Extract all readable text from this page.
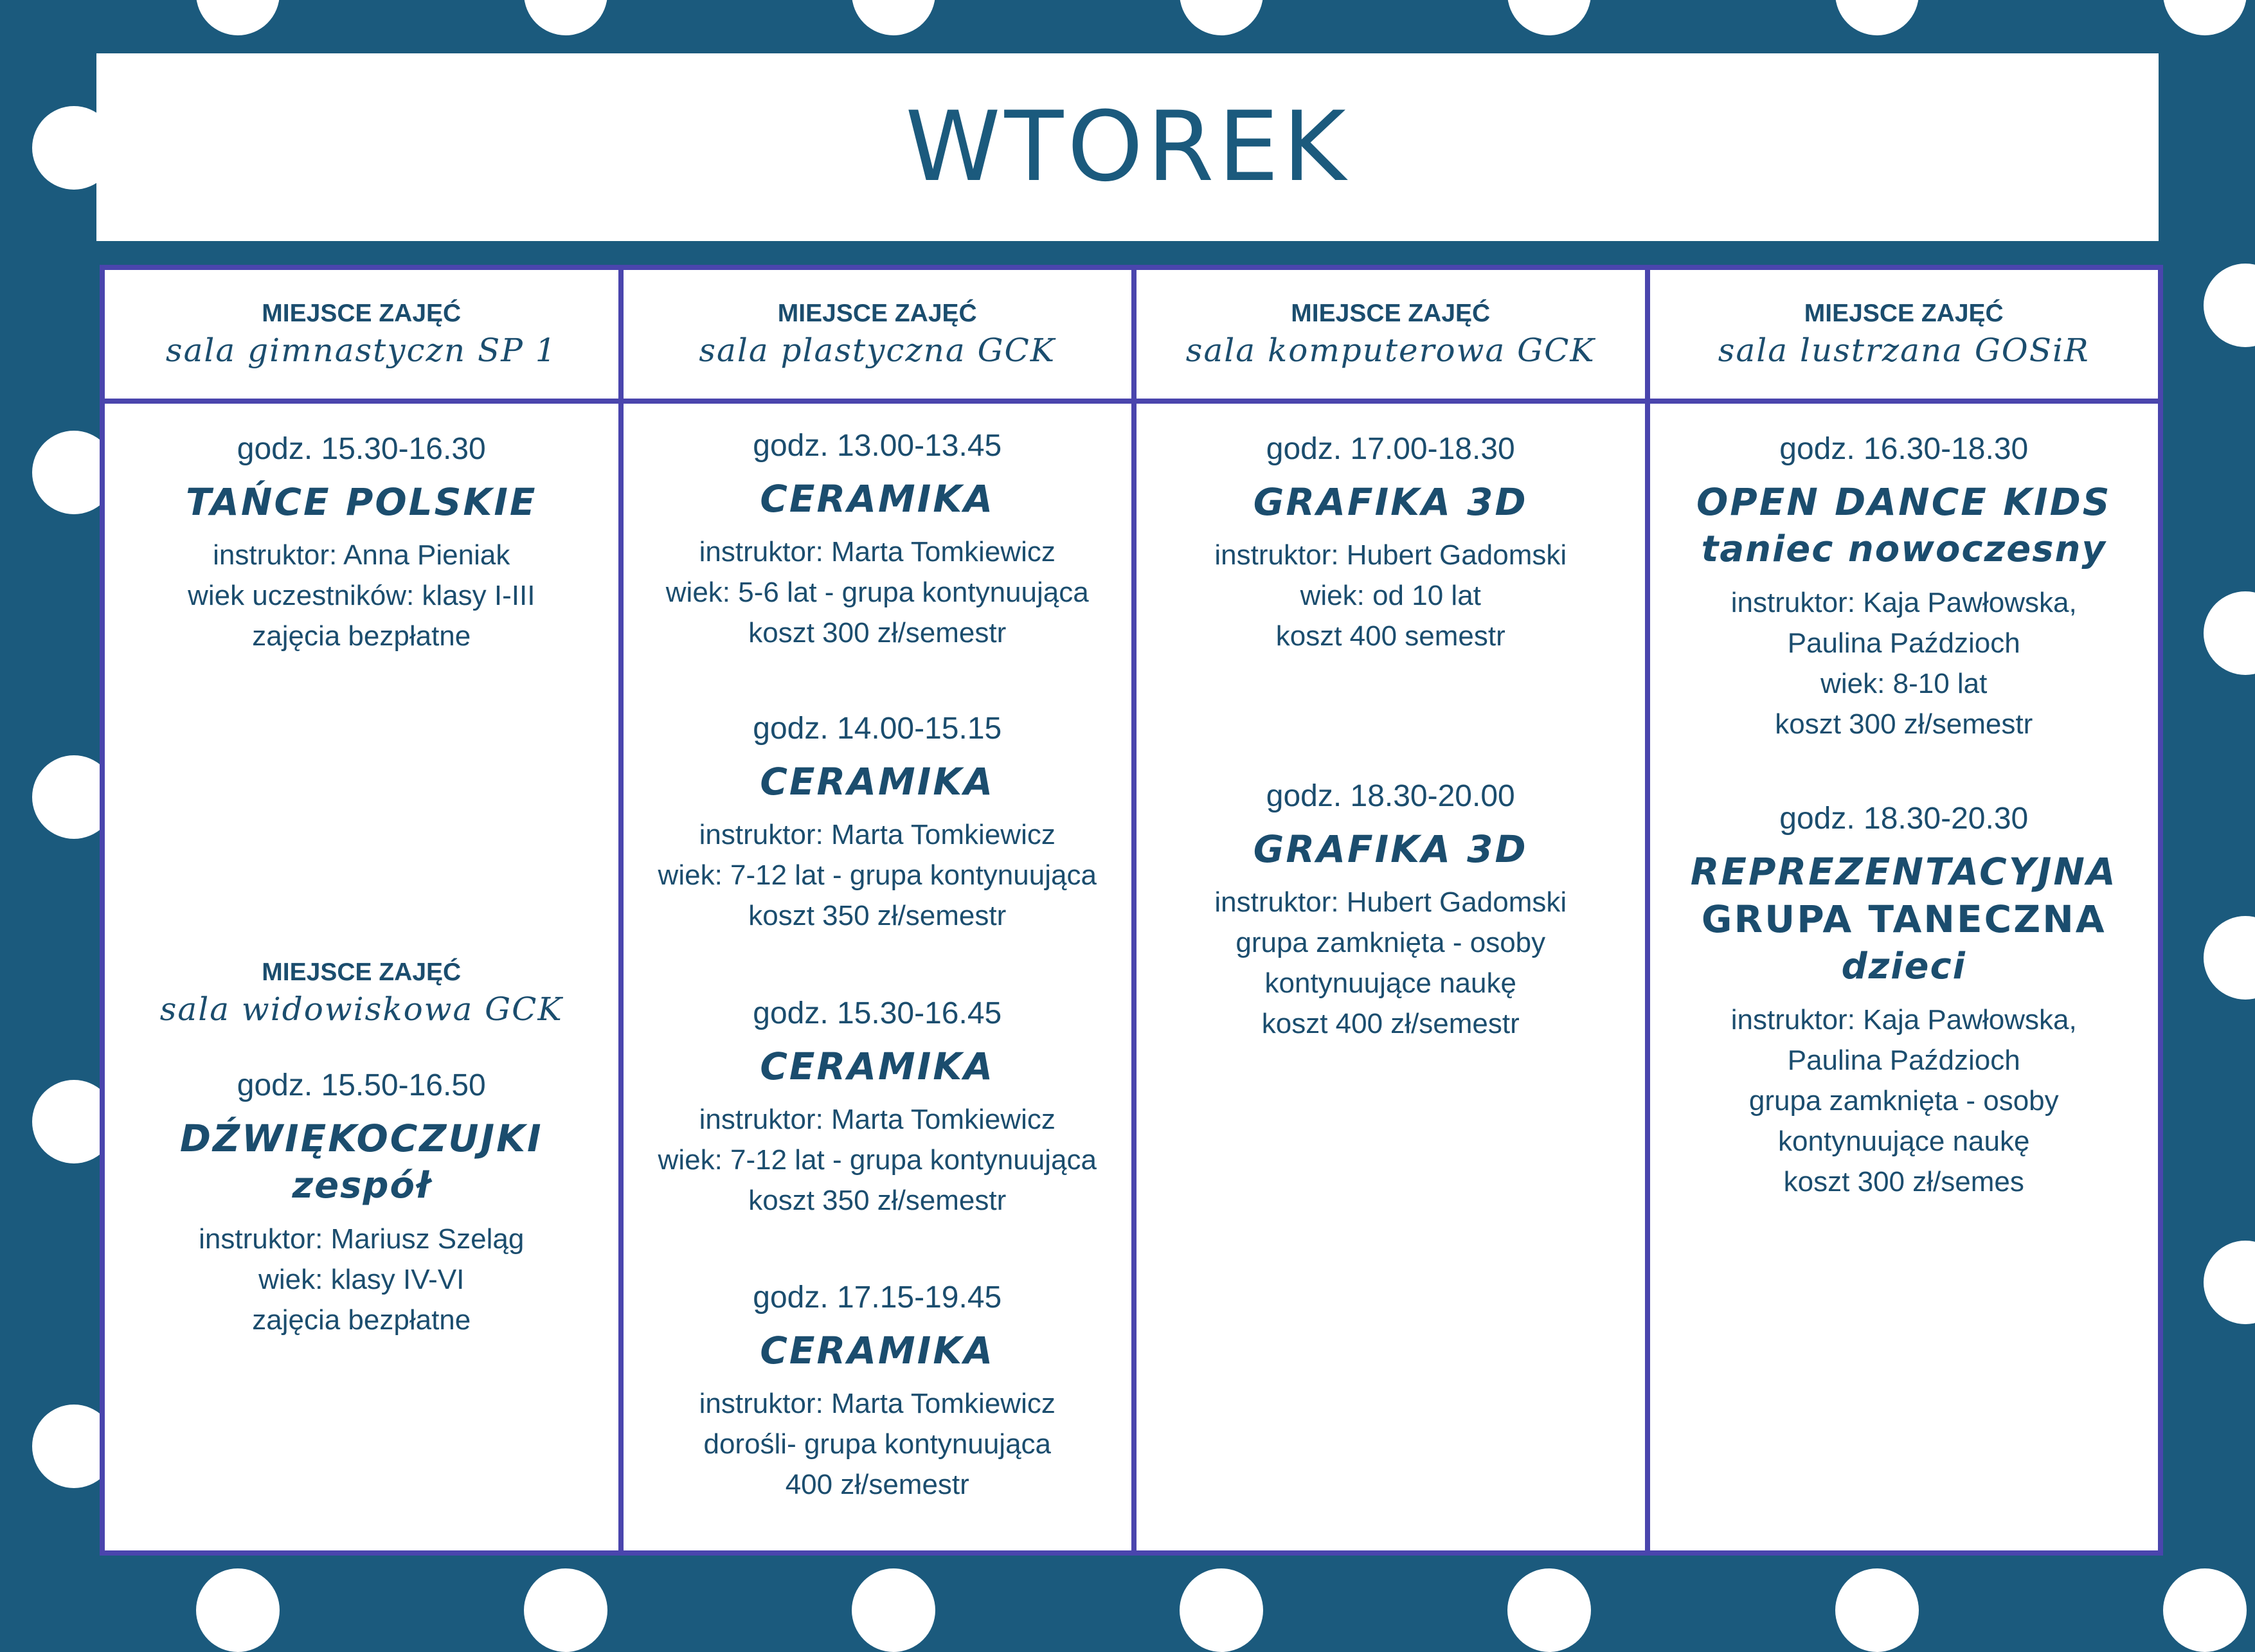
WTOREK
MIEJSCE ZAJĘĆ
sala gimnastyczn SP 1
godz. 15.30-16.30
TAŃCE POLSKIE
instruktor: Anna Pieniak
wiek uczestników: klasy I-III
zajęcia bezpłatne
MIEJSCE ZAJĘĆ
sala widowiskowa GCK
godz. 15.50-16.50
DŹWIĘKOCZUJKI
zespół
instruktor: Mariusz Szeląg
wiek: klasy IV-VI
zajęcia bezpłatne
MIEJSCE ZAJĘĆ
sala plastyczna GCK
godz. 13.00-13.45
CERAMIKA
instruktor: Marta Tomkiewicz
wiek: 5-6 lat - grupa kontynuująca
koszt 300 zł/semestr
godz. 14.00-15.15
CERAMIKA
instruktor: Marta Tomkiewicz
wiek: 7-12 lat - grupa kontynuująca
koszt 350 zł/semestr
godz. 15.30-16.45
CERAMIKA
instruktor: Marta Tomkiewicz
wiek: 7-12 lat - grupa kontynuująca
koszt 350 zł/semestr
godz. 17.15-19.45
CERAMIKA
instruktor: Marta Tomkiewicz
dorośli- grupa kontynuująca
400 zł/semestr
MIEJSCE ZAJĘĆ
sala komputerowa GCK
godz. 17.00-18.30
GRAFIKA 3D
instruktor: Hubert Gadomski
wiek: od 10 lat
koszt 400 semestr
godz. 18.30-20.00
GRAFIKA 3D
instruktor: Hubert Gadomski
grupa zamknięta - osoby
kontynuujące naukę
koszt 400 zł/semestr
MIEJSCE ZAJĘĆ
sala lustrzana GOSiR
godz. 16.30-18.30
OPEN DANCE KIDS
taniec nowoczesny
instruktor: Kaja Pawłowska,
Paulina Paździoch
wiek: 8-10 lat
koszt 300 zł/semestr
godz. 18.30-20.30
REPREZENTACYJNA
GRUPA TANECZNA
dzieci
instruktor: Kaja Pawłowska,
Paulina Paździoch
grupa zamknięta - osoby
kontynuujące naukę
koszt 300 zł/semes
